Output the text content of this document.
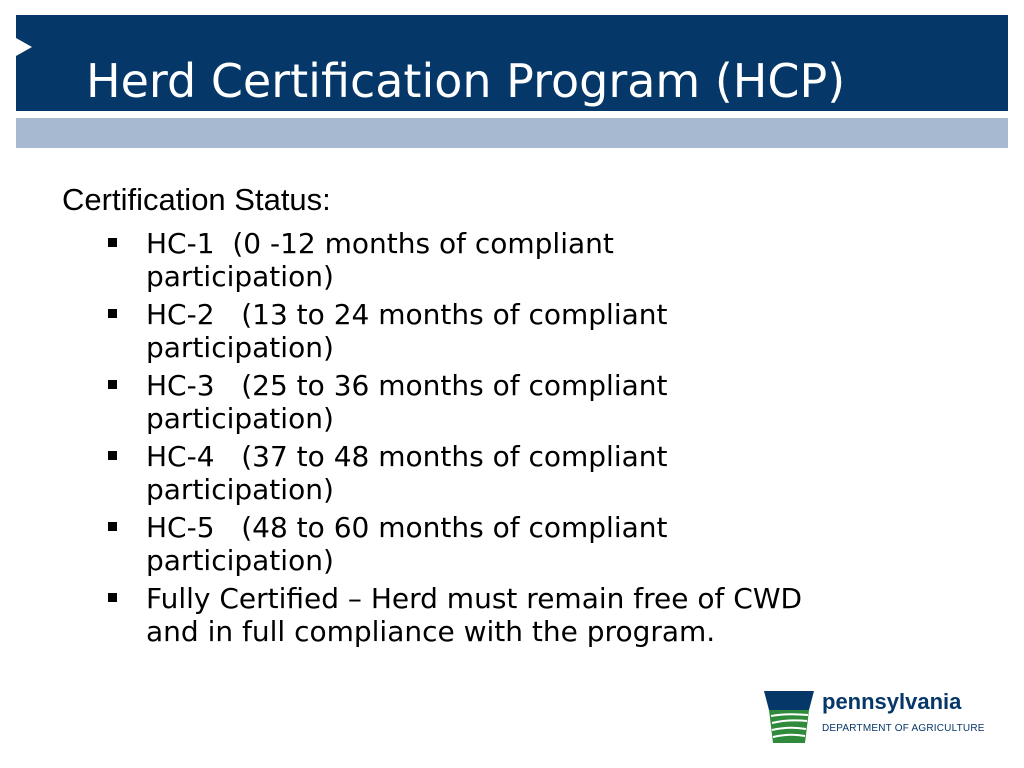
Herd Certification Program (HCP)
Certification Status:
HC-1  (0 -12 months of compliant
participation)
HC-2   (13 to 24 months of compliant
participation)
HC-3   (25 to 36 months of compliant
participation)
HC-4   (37 to 48 months of compliant
participation)
HC-5   (48 to 60 months of compliant
participation)
Fully Certified – Herd must remain free of CWD
and in full compliance with the program.
pennsylvania
DEPARTMENT OF AGRICULTURE
